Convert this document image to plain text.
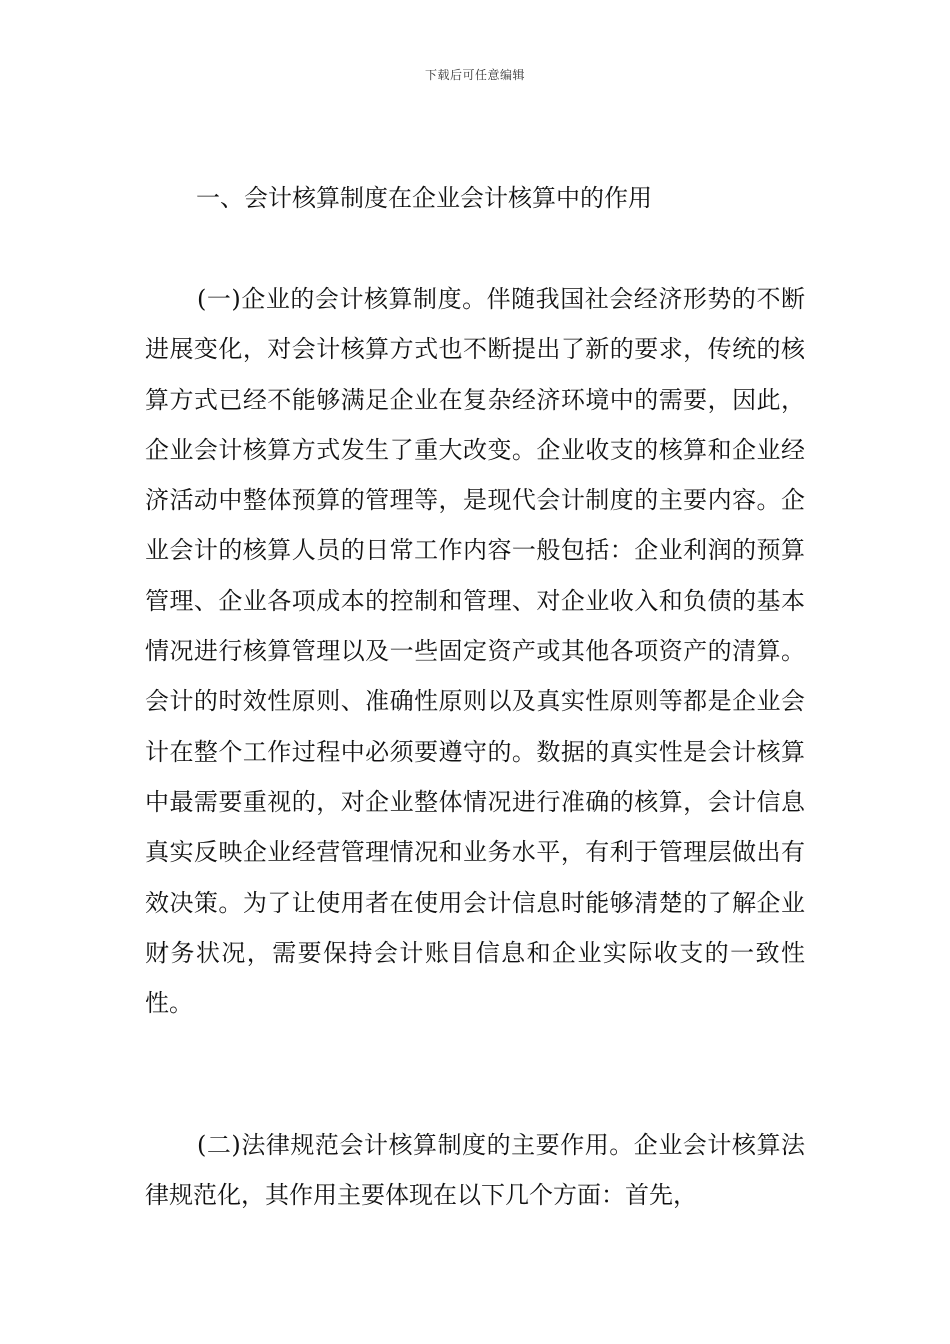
下载后可任意编辑
一、会计核算制度在企业会计核算中的作用

(一)企业的会计核算制度。伴随我国社会经济形势的不断进展变化，对会计核算方式也不断提出了新的要求，传统的核算方式已经不能够满足企业在复杂经济环境中的需要，因此，企业会计核算方式发生了重大改变。企业收支的核算和企业经济活动中整体预算的管理等，是现代会计制度的主要内容。企业会计的核算人员的日常工作内容一般包括：企业利润的预算管理、企业各项成本的控制和管理、对企业收入和负债的基本情况进行核算管理以及一些固定资产或其他各项资产的清算。会计的时效性原则、准确性原则以及真实性原则等都是企业会计在整个工作过程中必须要遵守的。数据的真实性是会计核算中最需要重视的，对企业整体情况进行准确的核算，会计信息真实反映企业经营管理情况和业务水平，有利于管理层做出有效决策。为了让使用者在使用会计信息时能够清楚的了解企业财务状况，需要保持会计账目信息和企业实际收支的一致性性。

(二)法律规范会计核算制度的主要作用。企业会计核算法律规范化，其作用主要体现在以下几个方面：首先，
